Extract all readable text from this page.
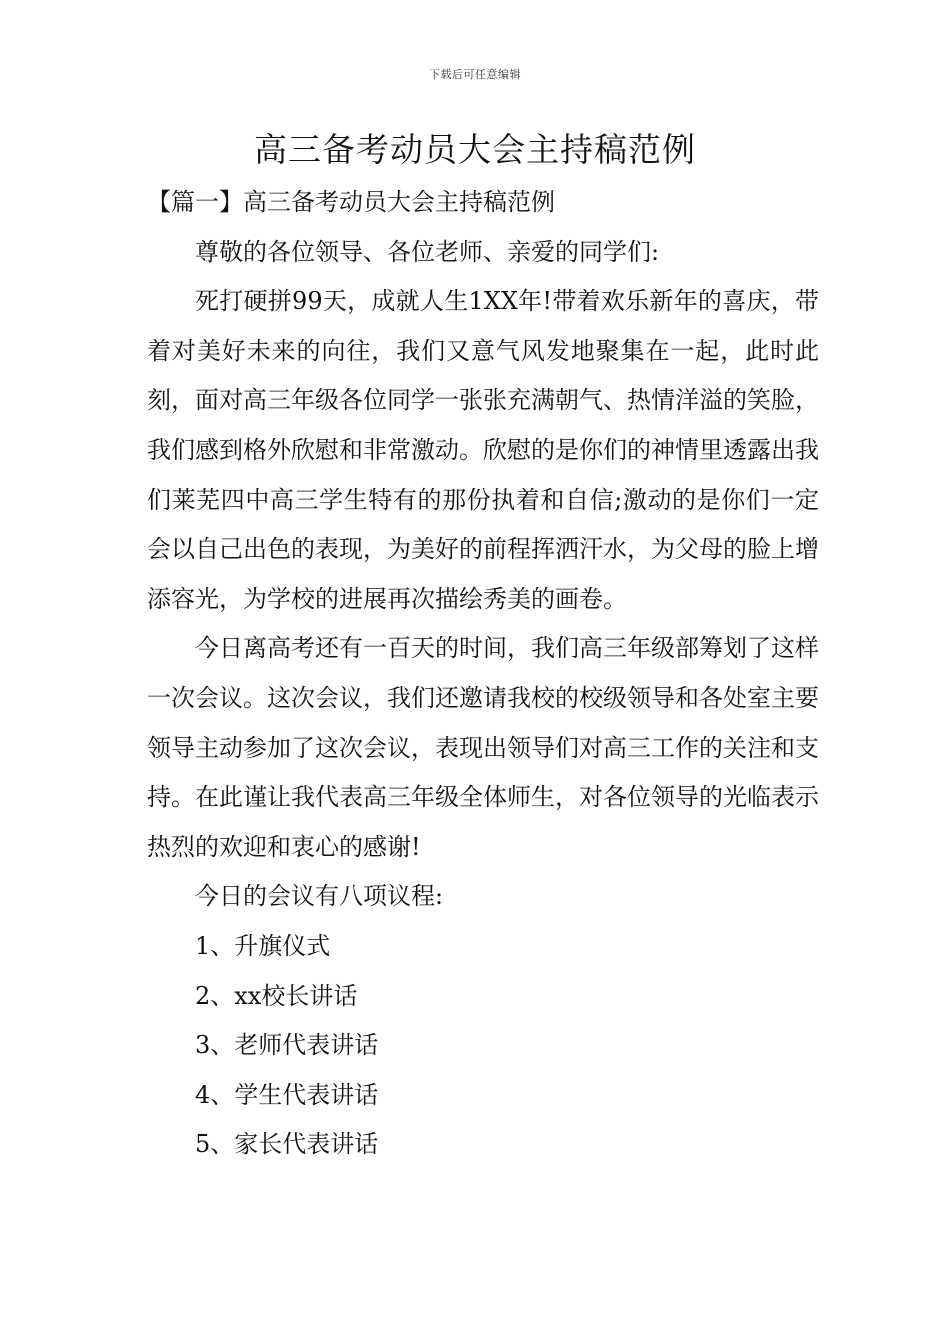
下载后可任意编辑
高三备考动员大会主持稿范例

【篇一】高三备考动员大会主持稿范例

尊敬的各位领导、各位老师、亲爱的同学们:

死打硬拼99天，成就人生1XX年!带着欢乐新年的喜庆，带着对美好未来的向往，我们又意气风发地聚集在一起，此时此刻，面对高三年级各位同学一张张充满朝气、热情洋溢的笑脸，我们感到格外欣慰和非常激动。欣慰的是你们的神情里透露出我们莱芜四中高三学生特有的那份执着和自信;激动的是你们一定会以自己出色的表现，为美好的前程挥洒汗水，为父母的脸上增添容光，为学校的进展再次描绘秀美的画卷。

今日离高考还有一百天的时间，我们高三年级部筹划了这样一次会议。这次会议，我们还邀请我校的校级领导和各处室主要领导主动参加了这次会议，表现出领导们对高三工作的关注和支持。在此谨让我代表高三年级全体师生，对各位领导的光临表示热烈的欢迎和衷心的感谢!

今日的会议有八项议程:

1、升旗仪式
2、xx校长讲话
3、老师代表讲话
4、学生代表讲话
5、家长代表讲话
